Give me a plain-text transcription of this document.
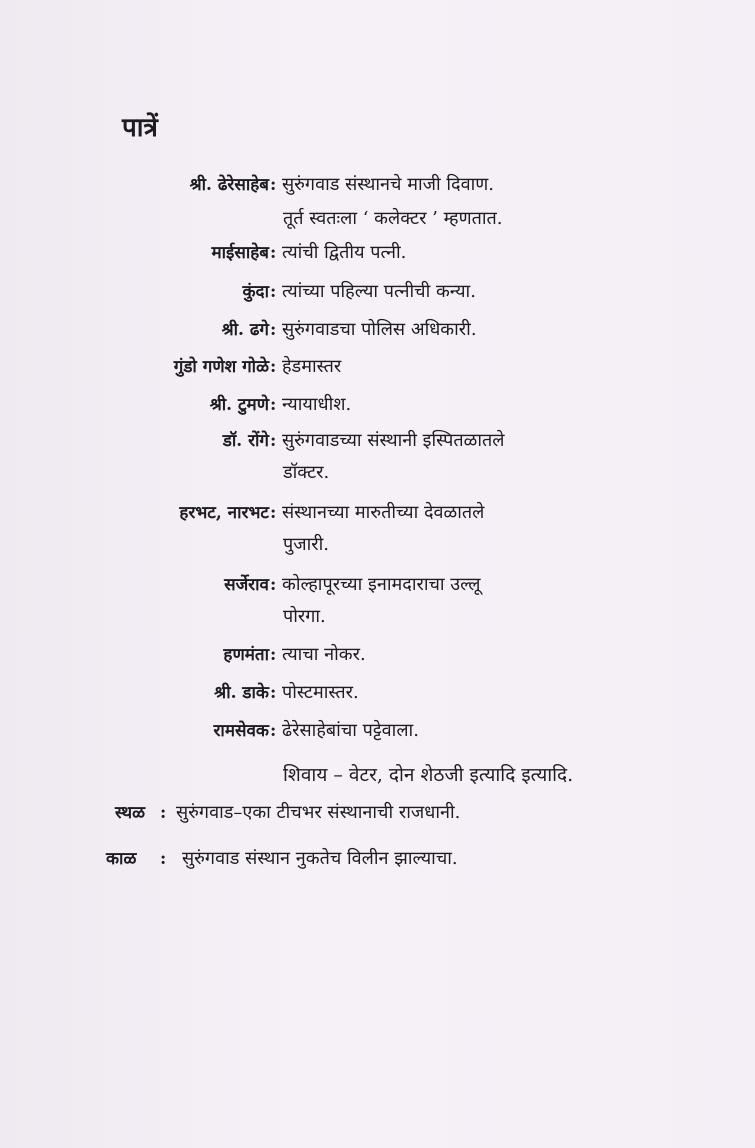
पात्रें
श्री. ढेरेसाहेब : सुरुंगवाड संस्थानचे माजी दिवाण.
तूर्त स्वतःला ‘ कलेक्टर ’ म्हणतात.
माईसाहेब : त्यांची द्वितीय पत्नी.
कुंदा : त्यांच्या पहिल्या पत्नीची कन्या.
श्री. ढगे : सुरुंगवाडचा पोलिस अधिकारी.
गुंडो गणेश गोळे : हेडमास्तर
श्री. टुमणे : न्यायाधीश.
डॉ. रोंगे : सुरुंगवाडच्या संस्थानी इस्पितळातले
डॉक्टर.
हरभट, नारभट : संस्थानच्या मारुतीच्या देवळातले
पुजारी.
सर्जेराव : कोल्हापूरच्या इनामदाराचा उल्लू
पोरगा.
हणमंता : त्याचा नोकर.
श्री. डाके : पोस्टमास्तर.
रामसेवक : ढेरेसाहेबांचा पट्टेवाला.
शिवाय – वेटर, दोन शेठजी इत्यादि इत्यादि.
स्थळ : सुरुंगवाड–एका टीचभर संस्थानाची राजधानी.
काळ : सुरुंगवाड संस्थान नुकतेच विलीन झाल्याचा.
